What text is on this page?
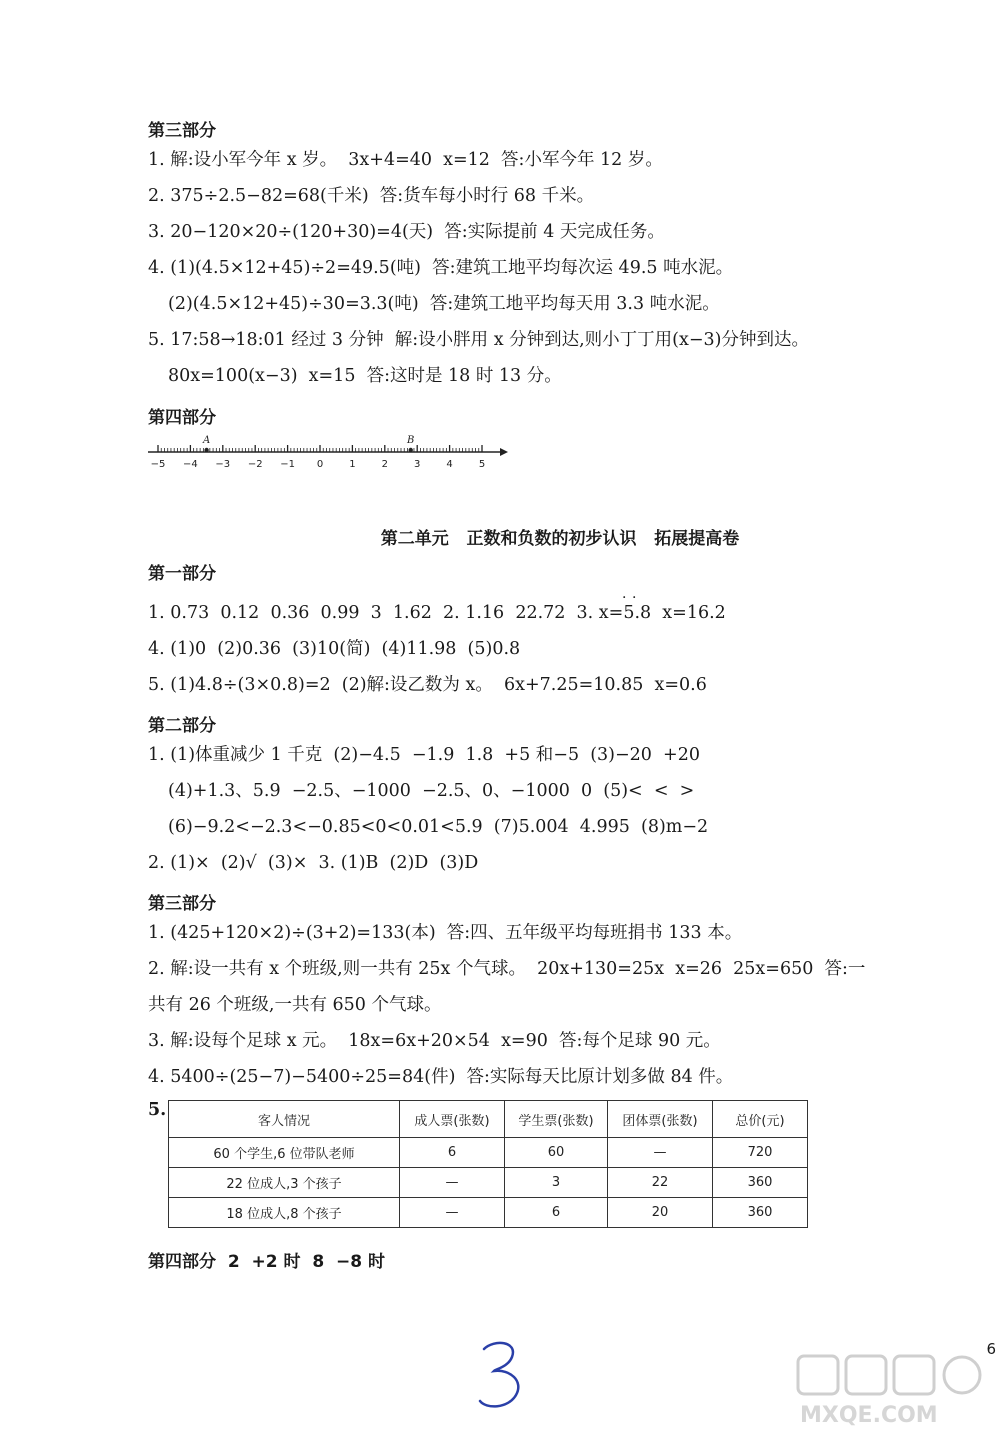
第三部分
1. 解:设小军今年 x 岁。  3x+4=40  x=12  答:小军今年 12 岁。
2. 375÷2.5−82=68(千米)  答:货车每小时行 68 千米。
3. 20−120×20÷(120+30)=4(天)  答:实际提前 4 天完成任务。
4. (1)(4.5×12+45)÷2=49.5(吨)  答:建筑工地平均每次运 49.5 吨水泥。
(2)(4.5×12+45)÷30=3.3(吨)  答:建筑工地平均每天用 3.3 吨水泥。
5. 17:58→18:01 经过 3 分钟  解:设小胖用 x 分钟到达,则小丁丁用(x−3)分钟到达。
80x=100(x−3)  x=15  答:这时是 18 时 13 分。
第四部分
−5 −4 −3 −2 −1 0	1	2	3	4	5
A	B
第二单元   正数和负数的初步认识   拓展提高卷
第一部分
· ·
1. 0.73  0.12  0.36  0.99  3  1.62  2. 1.16  22.72  3. x=5.8  x=16.2
4. (1)0  (2)0.36  (3)10(简)  (4)11.98  (5)0.8
5. (1)4.8÷(3×0.8)=2  (2)解:设乙数为 x。  6x+7.25=10.85  x=0.6
第二部分
1. (1)体重减少 1 千克  (2)−4.5  −1.9  1.8  +5 和−5  (3)−20  +20
(4)+1.3、5.9  −2.5、−1000  −2.5、0、−1000  0  (5)<  <  >
(6)−9.2<−2.3<−0.85<0<0.01<5.9  (7)5.004  4.995  (8)m−2
2. (1)×  (2)√  (3)×  3. (1)B  (2)D  (3)D
第三部分
1. (425+120×2)÷(3+2)=133(本)  答:四、五年级平均每班捐书 133 本。
2. 解:设一共有 x 个班级,则一共有 25x 个气球。  20x+130=25x  x=26  25x=650  答:一
共有 26 个班级,一共有 650 个气球。
3. 解:设每个足球 x 元。  18x=6x+20×54  x=90  答:每个足球 90 元。
4. 5400÷(25−7)−5400÷25=84(件)  答:实际每天比原计划多做 84 件。
5.
客人情况	成人票(张数)	学生票(张数)	团体票(张数)	总价(元)
60 个学生,6 位带队老师	6	60	—	720
22 位成人,3 个孩子	—	3	22	360
18 位成人,8 个孩子	—	6	20	360
第四部分  2  +2 时  8  −8 时
6
MXQE.COM
